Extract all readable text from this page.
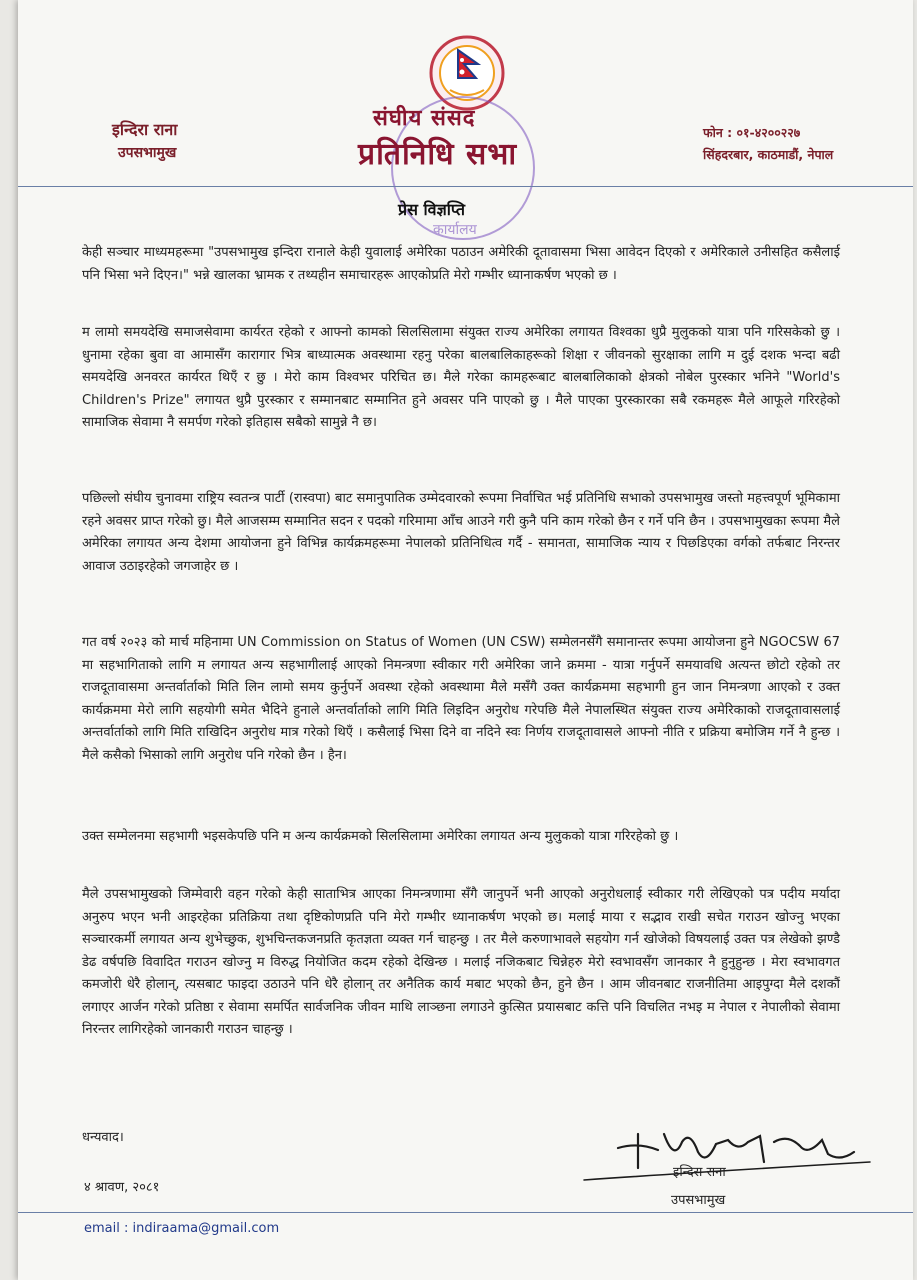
कार्यालय
इन्दिरा राना
उपसभामुख
संघीय संसद
प्रतिनिधि सभा
फोन : ०१-४२००२२७
सिंहदरबार, काठमाडौं, नेपाल
प्रेस विज्ञप्ति
केही सञ्चार माध्यमहरूमा "उपसभामुख इन्दिरा रानाले केही युवालाई अमेरिका पठाउन अमेरिकी दूतावासमा भिसा आवेदन दिएको र अमेरिकाले उनीसहित कसैलाई पनि भिसा भने दिएन।" भन्ने खालका भ्रामक र तथ्यहीन समाचारहरू आएकोप्रति मेरो गम्भीर ध्यानाकर्षण भएको छ ।
म लामो समयदेखि समाजसेवामा कार्यरत रहेको र आफ्नो कामको सिलसिलामा संयुक्त राज्य अमेरिका लगायत विश्वका धुप्रै मुलुकको यात्रा पनि गरिसकेको छु । धुनामा रहेका बुवा वा आमासँग कारागार भित्र बाध्यात्मक अवस्थामा रहनु परेका बालबालिकाहरूको शिक्षा र जीवनको सुरक्षाका लागि म दुई दशक भन्दा बढी समयदेखि अनवरत कार्यरत थिएँ र छु । मेरो काम विश्वभर परिचित छ। मैले गरेका कामहरूबाट बालबालिकाको क्षेत्रको नोबेल पुरस्कार भनिने "World's Children's Prize" लगायत थुप्रै पुरस्कार र सम्मानबाट सम्मानित हुने अवसर पनि पाएको छु । मैले पाएका पुरस्कारका सबै रकमहरू मैले आफूले गरिरहेको सामाजिक सेवामा नै समर्पण गरेको इतिहास सबैको सामुन्ने नै छ।
पछिल्लो संघीय चुनावमा राष्ट्रिय स्वतन्त्र पार्टी (रास्वपा) बाट समानुपातिक उम्मेदवारको रूपमा निर्वाचित भई प्रतिनिधि सभाको उपसभामुख जस्तो महत्त्वपूर्ण भूमिकामा रहने अवसर प्राप्त गरेको छु। मैले आजसम्म सम्मानित सदन र पदको गरिमामा आँच आउने गरी कुनै पनि काम गरेको छैन र गर्ने पनि छैन । उपसभामुखका रूपमा मैले अमेरिका लगायत अन्य देशमा आयोजना हुने विभिन्न कार्यक्रमहरूमा नेपालको प्रतिनिधित्व गर्दै - समानता, सामाजिक न्याय र पिछडिएका वर्गको तर्फबाट निरन्तर आवाज उठाइरहेको जगजाहेर छ ।
गत वर्ष २०२३ को मार्च महिनामा UN Commission on Status of Women (UN CSW) सम्मेलनसँगै समानान्तर रूपमा आयोजना हुने NGOCSW 67 मा सहभागिताको लागि म लगायत अन्य सहभागीलाई आएको निमन्त्रणा स्वीकार गरी अमेरिका जाने क्रममा - यात्रा गर्नुपर्ने समयावधि अत्यन्त छोटो रहेको तर राजदूतावासमा अन्तर्वार्ताको मिति लिन लामो समय कुर्नुपर्ने अवस्था रहेको अवस्थामा मैले मसँगै उक्त कार्यक्रममा सहभागी हुन जान निमन्त्रणा आएको र उक्त कार्यक्रममा मेरो लागि सहयोगी समेत भैदिने हुनाले अन्तर्वार्ताको लागि मिति लिइदिन अनुरोध गरेपछि मैले नेपालस्थित संयुक्त राज्य अमेरिकाको राजदूतावासलाई अन्तर्वार्ताको लागि मिति राखिदिन अनुरोध मात्र गरेको थिएँ । कसैलाई भिसा दिने वा नदिने स्वः निर्णय राजदूतावासले आफ्नो नीति र प्रक्रिया बमोजिम गर्ने नै हुन्छ । मैले कसैको भिसाको लागि अनुरोध पनि गरेको छैन । हैन।
उक्त सम्मेलनमा सहभागी भइसकेपछि पनि म अन्य कार्यक्रमको सिलसिलामा अमेरिका लगायत अन्य मुलुकको यात्रा गरिरहेको छु ।
मैले उपसभामुखको जिम्मेवारी वहन गरेको केही साताभित्र आएका निमन्त्रणामा सँगै जानुपर्ने भनी आएको अनुरोधलाई स्वीकार गरी लेखिएको पत्र पदीय मर्यादा अनुरुप भएन भनी आइरहेका प्रतिक्रिया तथा दृष्टिकोणप्रति पनि मेरो गम्भीर ध्यानाकर्षण भएको छ। मलाई माया र सद्भाव राखी सचेत गराउन खोज्नु भएका सञ्चारकर्मी लगायत अन्य शुभेच्छुक, शुभचिन्तकजनप्रति कृतज्ञता व्यक्त गर्न चाहन्छु । तर मैले करुणाभावले सहयोग गर्न खोजेको विषयलाई उक्त पत्र लेखेको झण्डै डेढ वर्षपछि विवादित गराउन खोज्नु म विरुद्ध नियोजित कदम रहेको देखिन्छ । मलाई नजिकबाट चिन्नेहरु मेरो स्वभावसँग जानकार नै हुनुहुन्छ । मेरा स्वभावगत कमजोरी धेरै होलान्, त्यसबाट फाइदा उठाउने पनि धेरै होलान् तर अनैतिक कार्य मबाट भएको छैन, हुने छैन । आम जीवनबाट राजनीतिमा आइपुग्दा मैले दशकौं लगाएर आर्जन गरेको प्रतिष्ठा र सेवामा समर्पित सार्वजनिक जीवन माथि लाञ्छना लगाउने कुत्सित प्रयासबाट कत्ति पनि विचलित नभइ म नेपाल र नेपालीको सेवामा निरन्तर लागिरहेको जानकारी गराउन चाहन्छु ।
धन्यवाद।
इन्दिरा राना
उपसभामुख
४ श्रावण, २०८१
email : indiraama@gmail.com
